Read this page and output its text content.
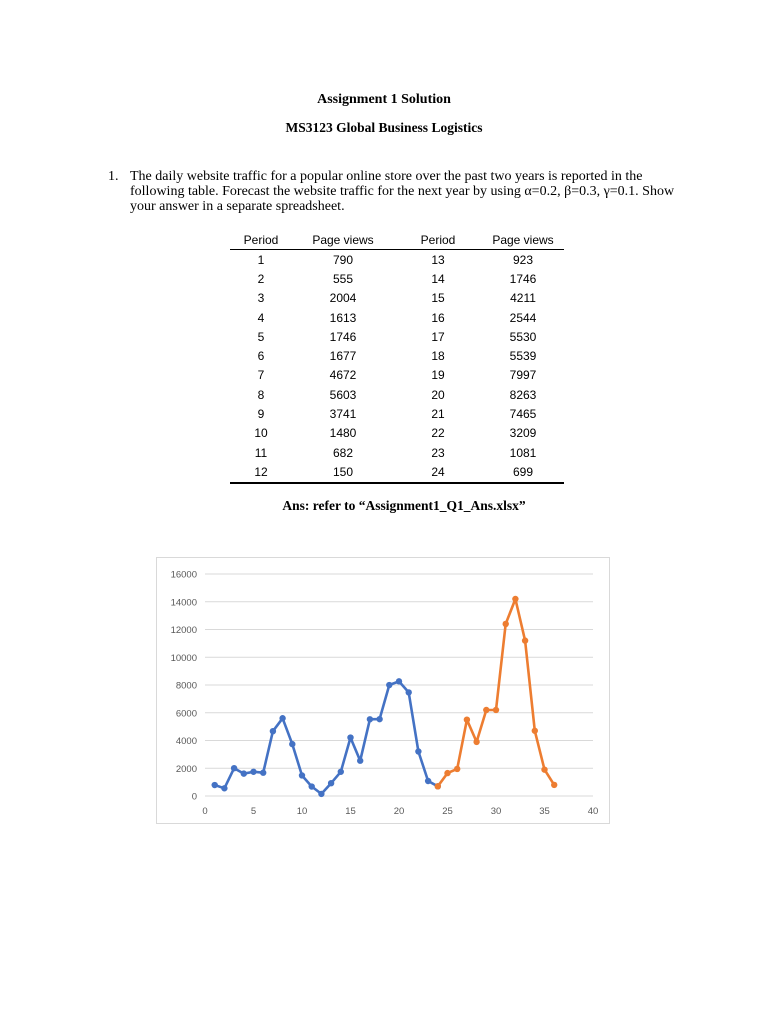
Assignment 1 Solution
MS3123 Global Business Logistics
1. The daily website traffic for a popular online store over the past two years is reported in the following table. Forecast the website traffic for the next year by using α=0.2, β=0.3, γ=0.1. Show your answer in a separate spreadsheet.
Period	Page views	Period	Page views
1	790	13	923
2	555	14	1746
3	2004	15	4211
4	1613	16	2544
5	1746	17	5530
6	1677	18	5539
7	4672	19	7997
8	5603	20	8263
9	3741	21	7465
10	1480	22	3209
11	682	23	1081
12	150	24	699
Ans: refer to “Assignment1_Q1_Ans.xlsx”
0
2000
4000
6000
8000
10000
12000
14000
16000
0	5	10	15	20	25	30	35	40
